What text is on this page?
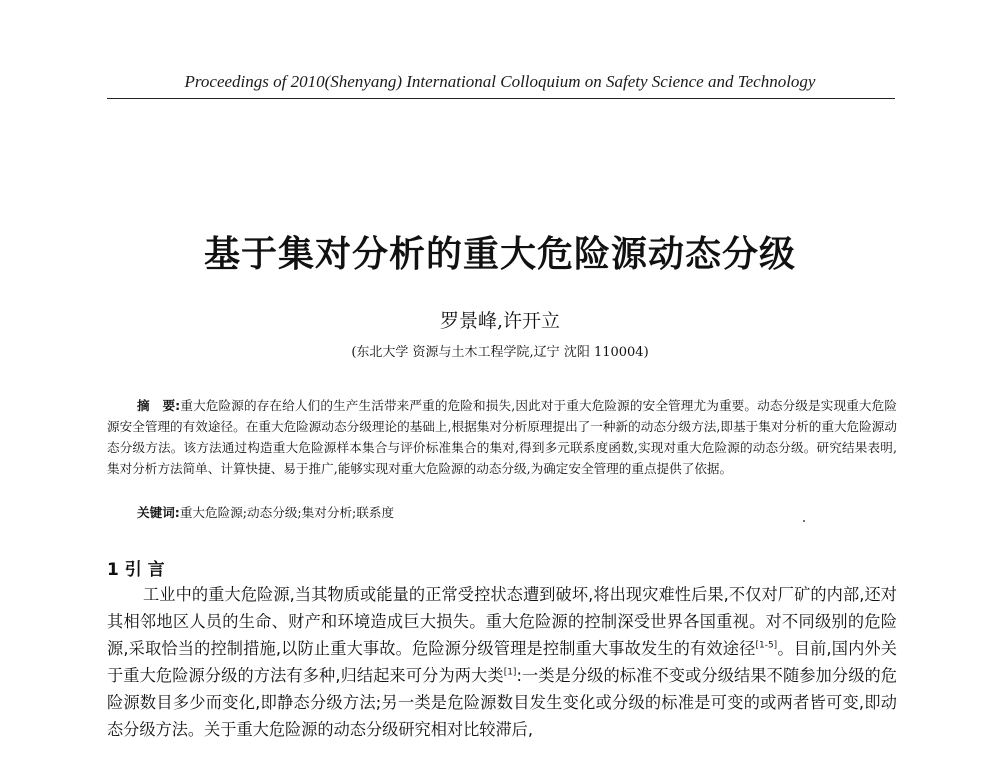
Proceedings of 2010(Shenyang) International Colloquium on Safety Science and Technology
基于集对分析的重大危险源动态分级
罗景峰,许开立
(东北大学 资源与土木工程学院,辽宁 沈阳 110004)
摘　要:重大危险源的存在给人们的生产生活带来严重的危险和损失,因此对于重大危险源的安全管理尤为重要。动态分级是实现重大危险源安全管理的有效途径。在重大危险源动态分级理论的基础上,根据集对分析原理提出了一种新的动态分级方法,即基于集对分析的重大危险源动态分级方法。该方法通过构造重大危险源样本集合与评价标准集合的集对,得到多元联系度函数,实现对重大危险源的动态分级。研究结果表明,集对分析方法简单、计算快捷、易于推广,能够实现对重大危险源的动态分级,为确定安全管理的重点提供了依据。
关键词:重大危险源;动态分级;集对分析;联系度
1 引 言
工业中的重大危险源,当其物质或能量的正常受控状态遭到破坏,将出现灾难性后果,不仅对厂矿的内部,还对其相邻地区人员的生命、财产和环境造成巨大损失。重大危险源的控制深受世界各国重视。对不同级别的危险源,采取恰当的控制措施,以防止重大事故。危险源分级管理是控制重大事故发生的有效途径[1-5]。目前,国内外关于重大危险源分级的方法有多种,归结起来可分为两大类[1]:一类是分级的标准不变或分级结果不随参加分级的危险源数目多少而变化,即静态分级方法;另一类是危险源数目发生变化或分级的标准是可变的或两者皆可变,即动态分级方法。关于重大危险源的动态分级研究相对比较滞后,
